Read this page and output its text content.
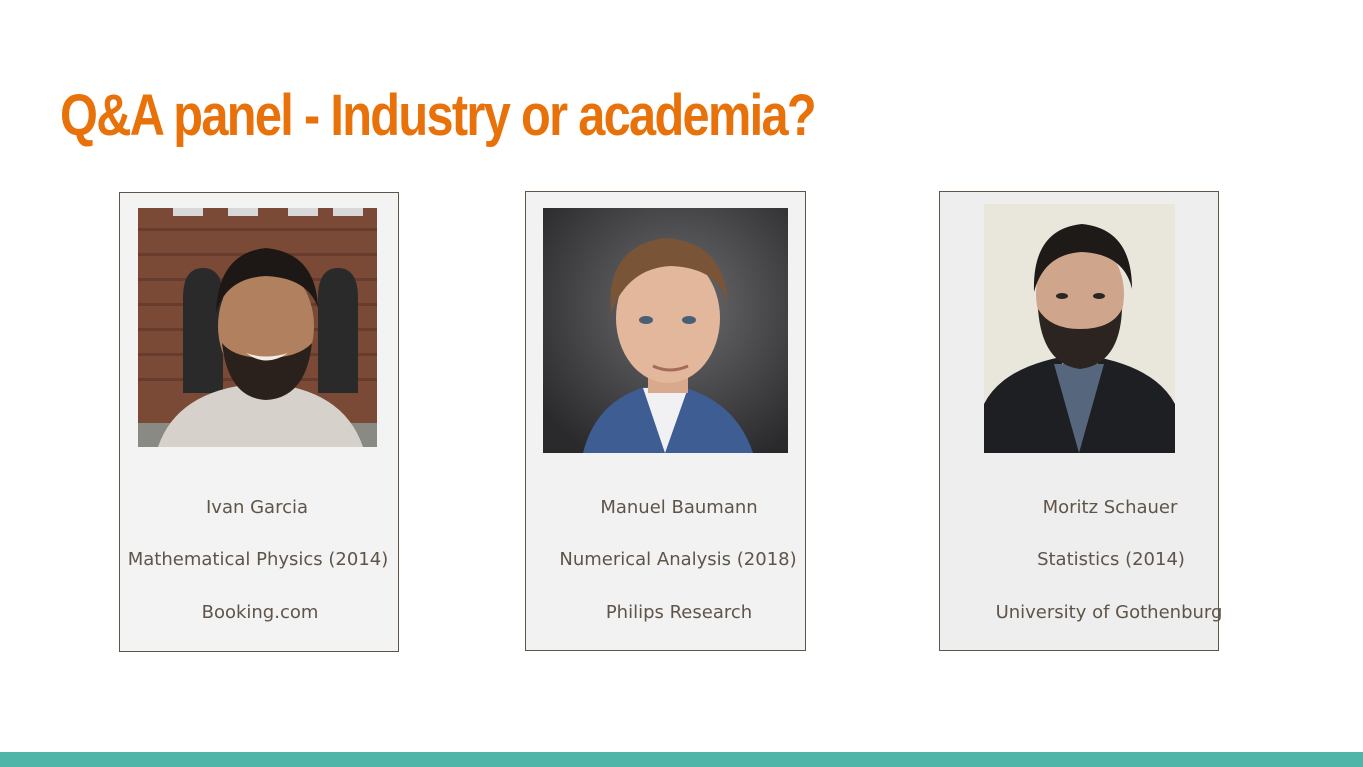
Q&A panel - Industry or academia?
Ivan Garcia
Mathematical Physics (2014)
Booking.com
Manuel Baumann
Numerical Analysis (2018)
Philips Research
Moritz Schauer
Statistics (2014)
University of Gothenburg
